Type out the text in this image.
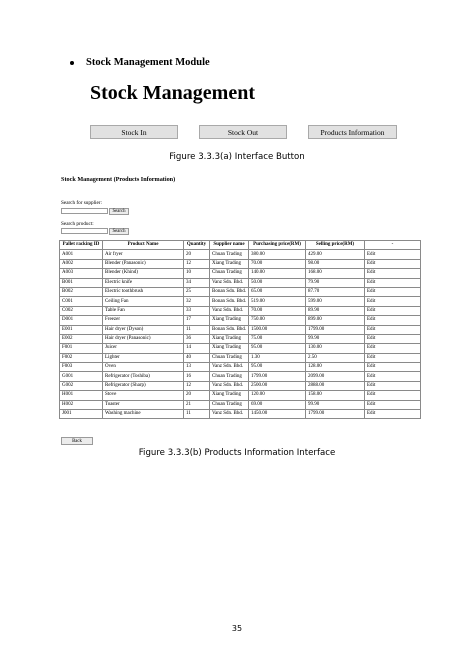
Stock Management Module
Stock Management
Stock In	Stock Out	Products Information
Figure 3.3.3(a) Interface Button
Stock Management (Products Information)
Search for supplier:
Search
Search product:
Search
Pallet racking ID	Product Name	Quantity	Supplier name	Purchasing price(RM)	Selling price(RM)	-
A001	Air fryer	20	Chuan Trading	380.00	429.00	Edit
A002	Blender (Panasonic)	12	Xiang Trading	70.00	98.00	Edit
A003	Blender (Khind)	10	Chuan Trading	140.00	168.00	Edit
B001	Electric knife	34	Vanz Sdn. Bhd.	50.00	79.90	Edit
B002	Electric toothbrush	25	Bonan Sdn. Bhd.	65.00	87.70	Edit
C001	Ceiling Fan	32	Bonan Sdn. Bhd.	519.00	599.00	Edit
C002	Table Fan	33	Vanz Sdn. Bhd.	70.00	89.90	Edit
D001	Freezer	17	Xiang Trading	750.00	899.00	Edit
E001	Hair dryer (Dyson)	11	Bonan Sdn. Bhd.	1500.00	1799.00	Edit
E002	Hair dryer (Panasonic)	36	Xiang Trading	75.00	99.90	Edit
F001	Juicer	14	Xiang Trading	95.00	130.00	Edit
F002	Lighter	40	Chuan Trading	1.30	2.50	Edit
F003	Oven	13	Vanz Sdn. Bhd.	95.00	128.00	Edit
G001	Refrigerator (Toshiba)	16	Chuan Trading	1799.00	2099.00	Edit
G002	Refrigerator (Sharp)	12	Vanz Sdn. Bhd.	2500.00	2888.00	Edit
H001	Stove	20	Xiang Trading	120.00	158.00	Edit
H002	Toaster	21	Chuan Trading	69.00	99.90	Edit
J001	Washing machine	11	Vanz Sdn. Bhd.	1450.00	1799.00	Edit
Back
Figure 3.3.3(b) Products Information Interface
35
